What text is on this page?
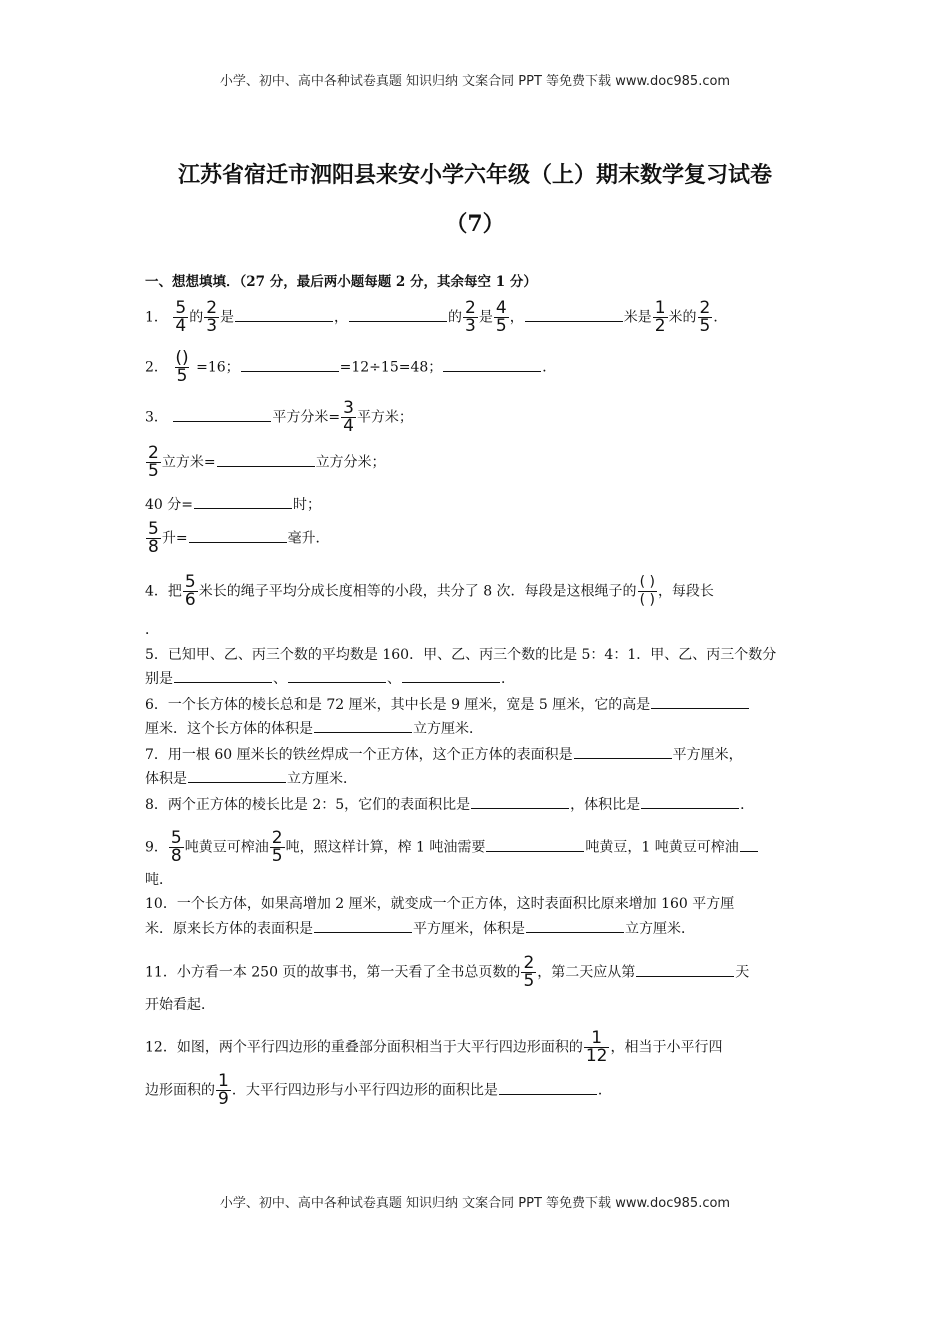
小学、初中、高中各种试卷真题 知识归纳 文案合同 PPT 等免费下载 www.doc985.com
江苏省宿迁市泗阳县来安小学六年级（上）期末数学复习试卷
（7）
一、想想填填．（27 分，最后两小题每题 2 分，其余每空 1 分）
1． $\frac{5}{4}$ 的 $\frac{2}{3}$ 是	，	的 $\frac{2}{3}$ 是 $\frac{4}{5}$ ，	米是 $\frac{1}{2}$ 米的 $\frac{2}{5}$ ．
2． ()
5 =16；	=12÷15=48；	．
3．	平方分米= $\frac{3}{4}$ 平方米；
$\frac{2}{5}$ 立方米=	立方分米；
40 分=	时；
$\frac{5}{8}$ 升=	毫升．
4．把 $\frac{5}{6}$ 米长的绳子平均分成长度相等的小段，共分了 8 次．每段是这根绳子的
( )
( )
，每段长
．
5．已知甲、乙、丙三个数的平均数是 160．甲、乙、丙三个数的比是 5：4：1．甲、乙、丙三个数分
别是	、	、	．
6．一个长方体的棱长总和是 72 厘米，其中长是 9 厘米，宽是 5 厘米，它的高是
厘米．这个长方体的体积是	立方厘米．
7．用一根 60 厘米长的铁丝焊成一个正方体，这个正方体的表面积是	平方厘米，
体积是	立方厘米．
8．两个正方体的棱长比是 2：5，它们的表面积比是	，体积比是	．
9． $\frac{5}{8}$ 吨黄豆可榨油 $\frac{2}{5}$ 吨，照这样计算，榨 1 吨油需要	吨黄豆，1 吨黄豆可榨油
吨．
10．一个长方体，如果高增加 2 厘米，就变成一个正方体，这时表面积比原来增加 160 平方厘
米．原来长方体的表面积是	平方厘米，体积是	立方厘米．
11．小方看一本 250 页的故事书，第一天看了全书总页数的 $\frac{2}{5}$ ，第二天应从第	天
开始看起．
12．如图，两个平行四边形的重叠部分面积相当于大平行四边形面积的 $\frac{1}{12}$ ，相当于小平行四
边形面积的 $\frac{1}{9}$ ．大平行四边形与小平行四边形的面积比是	．
小学、初中、高中各种试卷真题 知识归纳 文案合同 PPT 等免费下载 www.doc985.com
